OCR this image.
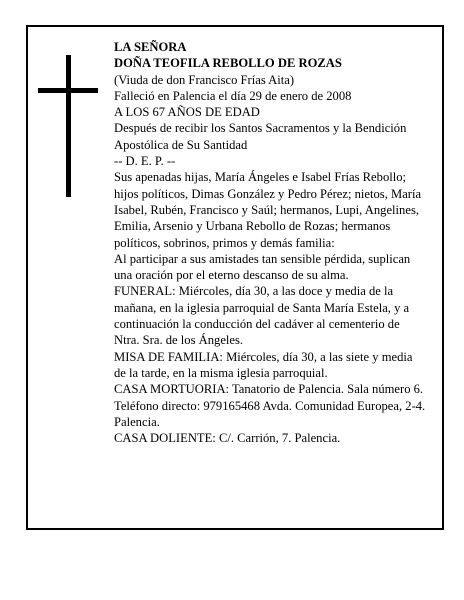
LA SEÑORA

DOÑA TEOFILA REBOLLO DE ROZAS

(Viuda de don Francisco Frías Aita)

Falleció en Palencia el día 29 de enero de 2008

A LOS 67 AÑOS DE EDAD

Después de recibir los Santos Sacramentos y la Bendición Apostólica de Su Santidad

-- D. E. P. --

Sus apenadas hijas, María Ángeles e Isabel Frías Rebollo; hijos políticos, Dimas González y Pedro Pérez; nietos, María Isabel, Rubén, Francisco y Saúl; hermanos, Lupi, Angelines, Emilia, Arsenio y Urbana Rebollo de Rozas; hermanos políticos, sobrinos, primos y demás familia:

Al participar a sus amistades tan sensible pérdida, suplican una oración por el eterno descanso de su alma.

FUNERAL: Miércoles, día 30, a las doce y media de la mañana, en la iglesia parroquial de Santa María Estela, y a continuación la conducción del cadáver al cementerio de Ntra. Sra. de los Ángeles.

MISA DE FAMILIA: Miércoles, día 30, a las siete y media de la tarde, en la misma iglesia parroquial.

CASA MORTUORIA: Tanatorio de Palencia. Sala número 6. Teléfono directo: 979165468 Avda. Comunidad Europea, 2-4. Palencia.

CASA DOLIENTE: C/. Carrión, 7. Palencia.
